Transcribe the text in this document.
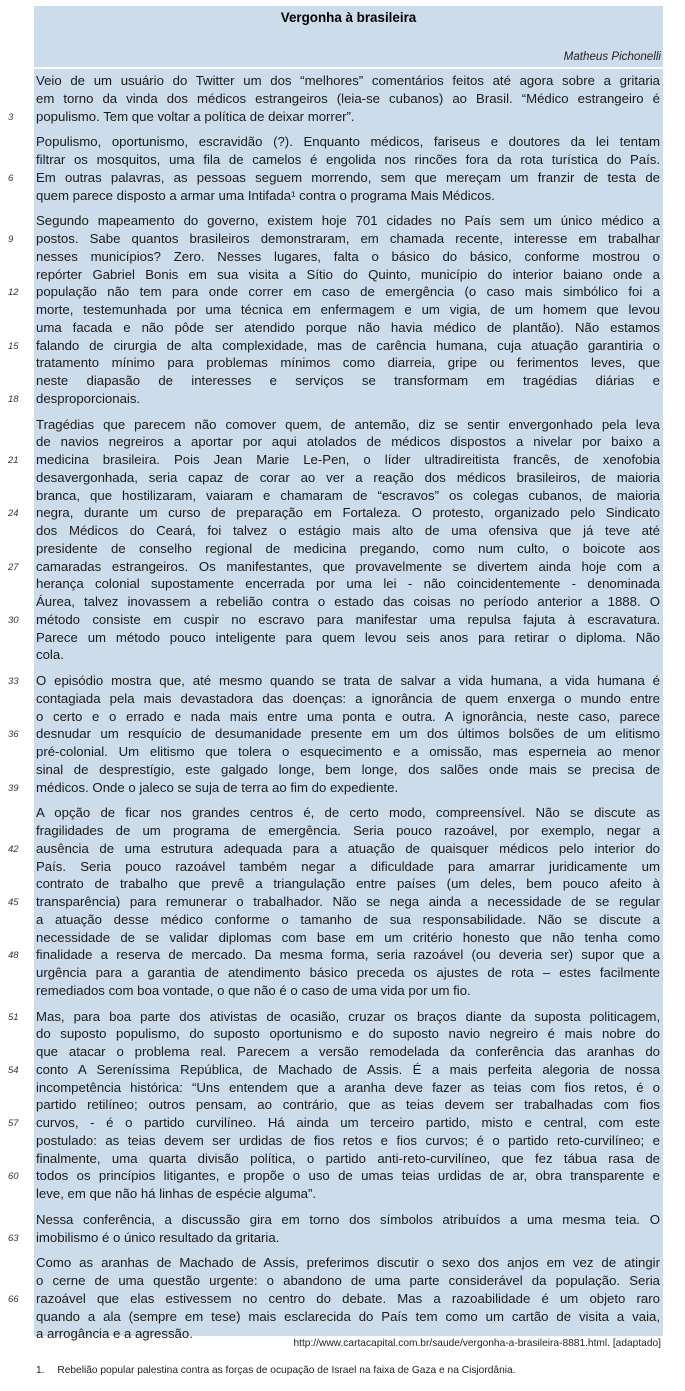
Vergonha à brasileira
Matheus Pichonelli
Veio de um usuário do Twitter um dos “melhores” comentários feitos até agora sobre a gritaria
em torno da vinda dos médicos estrangeiros (leia-se cubanos) ao Brasil. “Médico estrangeiro é
populismo. Tem que voltar a política de deixar morrer”.
Populismo, oportunismo, escravidão (?). Enquanto médicos, fariseus e doutores da lei tentam
filtrar os mosquitos, uma fila de camelos é engolida nos rincões fora da rota turística do País.
Em outras palavras, as pessoas seguem morrendo, sem que mereçam um franzir de testa de
quem parece disposto a armar uma Intifada¹ contra o programa Mais Médicos.
Segundo mapeamento do governo, existem hoje 701 cidades no País sem um único médico a
postos. Sabe quantos brasileiros demonstraram, em chamada recente, interesse em trabalhar
nesses municípios? Zero. Nesses lugares, falta o básico do básico, conforme mostrou o
repórter Gabriel Bonis em sua visita a Sítio do Quinto, município do interior baiano onde a
população não tem para onde correr em caso de emergência (o caso mais simbólico foi a
morte, testemunhada por uma técnica em enfermagem e um vigia, de um homem que levou
uma facada e não pôde ser atendido porque não havia médico de plantão). Não estamos
falando de cirurgia de alta complexidade, mas de carência humana, cuja atuação garantiria o
tratamento mínimo para problemas mínimos como diarreia, gripe ou ferimentos leves, que
neste diapasão de interesses e serviços se transformam em tragédias diárias e
desproporcionais.
Tragédias que parecem não comover quem, de antemão, diz se sentir envergonhado pela leva
de navios negreiros a aportar por aqui atolados de médicos dispostos a nivelar por baixo a
medicina brasileira. Pois Jean Marie Le-Pen, o líder ultradireitista francês, de xenofobia
desavergonhada, seria capaz de corar ao ver a reação dos médicos brasileiros, de maioria
branca, que hostilizaram, vaiaram e chamaram de “escravos” os colegas cubanos, de maioria
negra, durante um curso de preparação em Fortaleza. O protesto, organizado pelo Sindicato
dos Médicos do Ceará, foi talvez o estágio mais alto de uma ofensiva que já teve até
presidente de conselho regional de medicina pregando, como num culto, o boicote aos
camaradas estrangeiros. Os manifestantes, que provavelmente se divertem ainda hoje com a
herança colonial supostamente encerrada por uma lei - não coincidentemente - denominada
Áurea, talvez inovassem a rebelião contra o estado das coisas no período anterior a 1888. O
método consiste em cuspir no escravo para manifestar uma repulsa fajuta à escravatura.
Parece um método pouco inteligente para quem levou seis anos para retirar o diploma. Não
cola.
O episódio mostra que, até mesmo quando se trata de salvar a vida humana, a vida humana é
contagiada pela mais devastadora das doenças: a ignorância de quem enxerga o mundo entre
o certo e o errado e nada mais entre uma ponta e outra. A ignorância, neste caso, parece
desnudar um resquício de desumanidade presente em um dos últimos bolsões de um elitismo
pré-colonial. Um elitismo que tolera o esquecimento e a omissão, mas esperneia ao menor
sinal de desprestígio, este galgado longe, bem longe, dos salões onde mais se precisa de
médicos. Onde o jaleco se suja de terra ao fim do expediente.
A opção de ficar nos grandes centros é, de certo modo, compreensível. Não se discute as
fragilidades de um programa de emergência. Seria pouco razoável, por exemplo, negar a
ausência de uma estrutura adequada para a atuação de quaisquer médicos pelo interior do
País. Seria pouco razoável também negar a dificuldade para amarrar juridicamente um
contrato de trabalho que prevê a triangulação entre países (um deles, bem pouco afeito à
transparência) para remunerar o trabalhador. Não se nega ainda a necessidade de se regular
a atuação desse médico conforme o tamanho de sua responsabilidade. Não se discute a
necessidade de se validar diplomas com base em um critério honesto que não tenha como
finalidade a reserva de mercado. Da mesma forma, seria razoável (ou deveria ser) supor que a
urgência para a garantia de atendimento básico preceda os ajustes de rota – estes facilmente
remediados com boa vontade, o que não é o caso de uma vida por um fio.
Mas, para boa parte dos ativistas de ocasião, cruzar os braços diante da suposta politicagem,
do suposto populismo, do suposto oportunismo e do suposto navio negreiro é mais nobre do
que atacar o problema real. Parecem a versão remodelada da conferência das aranhas do
conto A Sereníssima República, de Machado de Assis. É a mais perfeita alegoria de nossa
incompetência histórica: “Uns entendem que a aranha deve fazer as teias com fios retos, é o
partido retilíneo; outros pensam, ao contrário, que as teias devem ser trabalhadas com fios
curvos, - é o partido curvilíneo. Há ainda um terceiro partido, misto e central, com este
postulado: as teias devem ser urdidas de fios retos e fios curvos; é o partido reto-curvilíneo; e
finalmente, uma quarta divisão política, o partido anti-reto-curvilíneo, que fez tábua rasa de
todos os princípios litigantes, e propõe o uso de umas teias urdidas de ar, obra transparente e
leve, em que não há linhas de espécie alguma”.
Nessa conferência, a discussão gira em torno dos símbolos atribuídos a uma mesma teia. O
imobilismo é o único resultado da gritaria.
Como as aranhas de Machado de Assis, preferimos discutir o sexo dos anjos em vez de atingir
o cerne de uma questão urgente: o abandono de uma parte considerável da população. Seria
razoável que elas estivessem no centro do debate. Mas a razoabilidade é um objeto raro
quando a ala (sempre em tese) mais esclarecida do País tem como um cartão de visita a vaia,
a arrogância e a agressão.
3
6
9
12
15
18
21
24
27
30
33
36
39
42
45
48
51
54
57
60
63
66
http://www.cartacapital.com.br/saude/vergonha-a-brasileira-8881.html. [adaptado]
1. Rebelião popular palestina contra as forças de ocupação de Israel na faixa de Gaza e na Cisjordânia.
